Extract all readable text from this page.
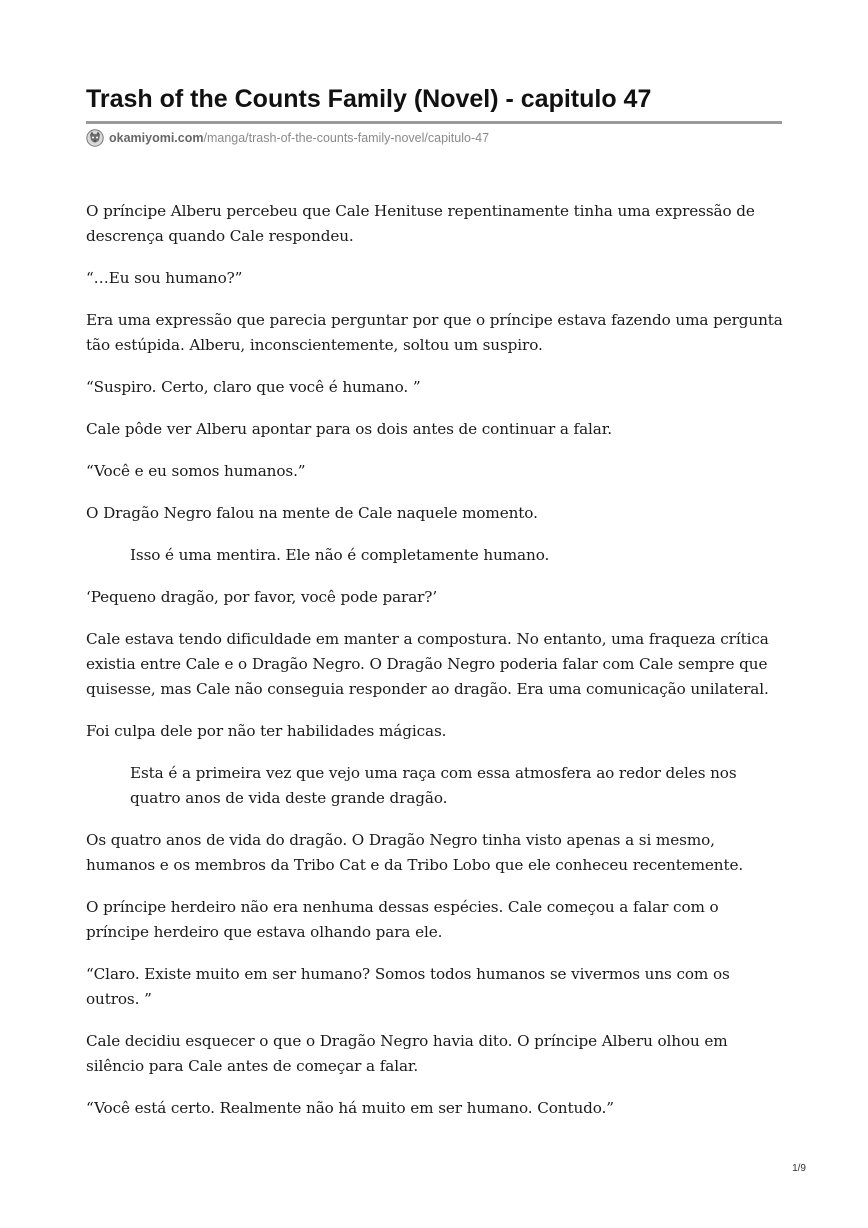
Trash of the Counts Family (Novel) - capitulo 47
okamiyomi.com /manga/trash-of-the-counts-family-novel/capitulo-47

O príncipe Alberu percebeu que Cale Henituse repentinamente tinha uma expressão de descrença quando Cale respondeu.

“…Eu sou humano?”

Era uma expressão que parecia perguntar por que o príncipe estava fazendo uma pergunta tão estúpida. Alberu, inconscientemente, soltou um suspiro.

“Suspiro. Certo, claro que você é humano. ”

Cale pôde ver Alberu apontar para os dois antes de continuar a falar.

“Você e eu somos humanos.”

O Dragão Negro falou na mente de Cale naquele momento.

Isso é uma mentira. Ele não é completamente humano.

‘Pequeno dragão, por favor, você pode parar?’

Cale estava tendo dificuldade em manter a compostura. No entanto, uma fraqueza crítica existia entre Cale e o Dragão Negro. O Dragão Negro poderia falar com Cale sempre que quisesse, mas Cale não conseguia responder ao dragão. Era uma comunicação unilateral.

Foi culpa dele por não ter habilidades mágicas.

Esta é a primeira vez que vejo uma raça com essa atmosfera ao redor deles nos quatro anos de vida deste grande dragão.

Os quatro anos de vida do dragão. O Dragão Negro tinha visto apenas a si mesmo, humanos e os membros da Tribo Cat e da Tribo Lobo que ele conheceu recentemente.

O príncipe herdeiro não era nenhuma dessas espécies. Cale começou a falar com o príncipe herdeiro que estava olhando para ele.

“Claro. Existe muito em ser humano? Somos todos humanos se vivermos uns com os outros. ”

Cale decidiu esquecer o que o Dragão Negro havia dito. O príncipe Alberu olhou em silêncio para Cale antes de começar a falar.

“Você está certo. Realmente não há muito em ser humano. Contudo.”

1/9
